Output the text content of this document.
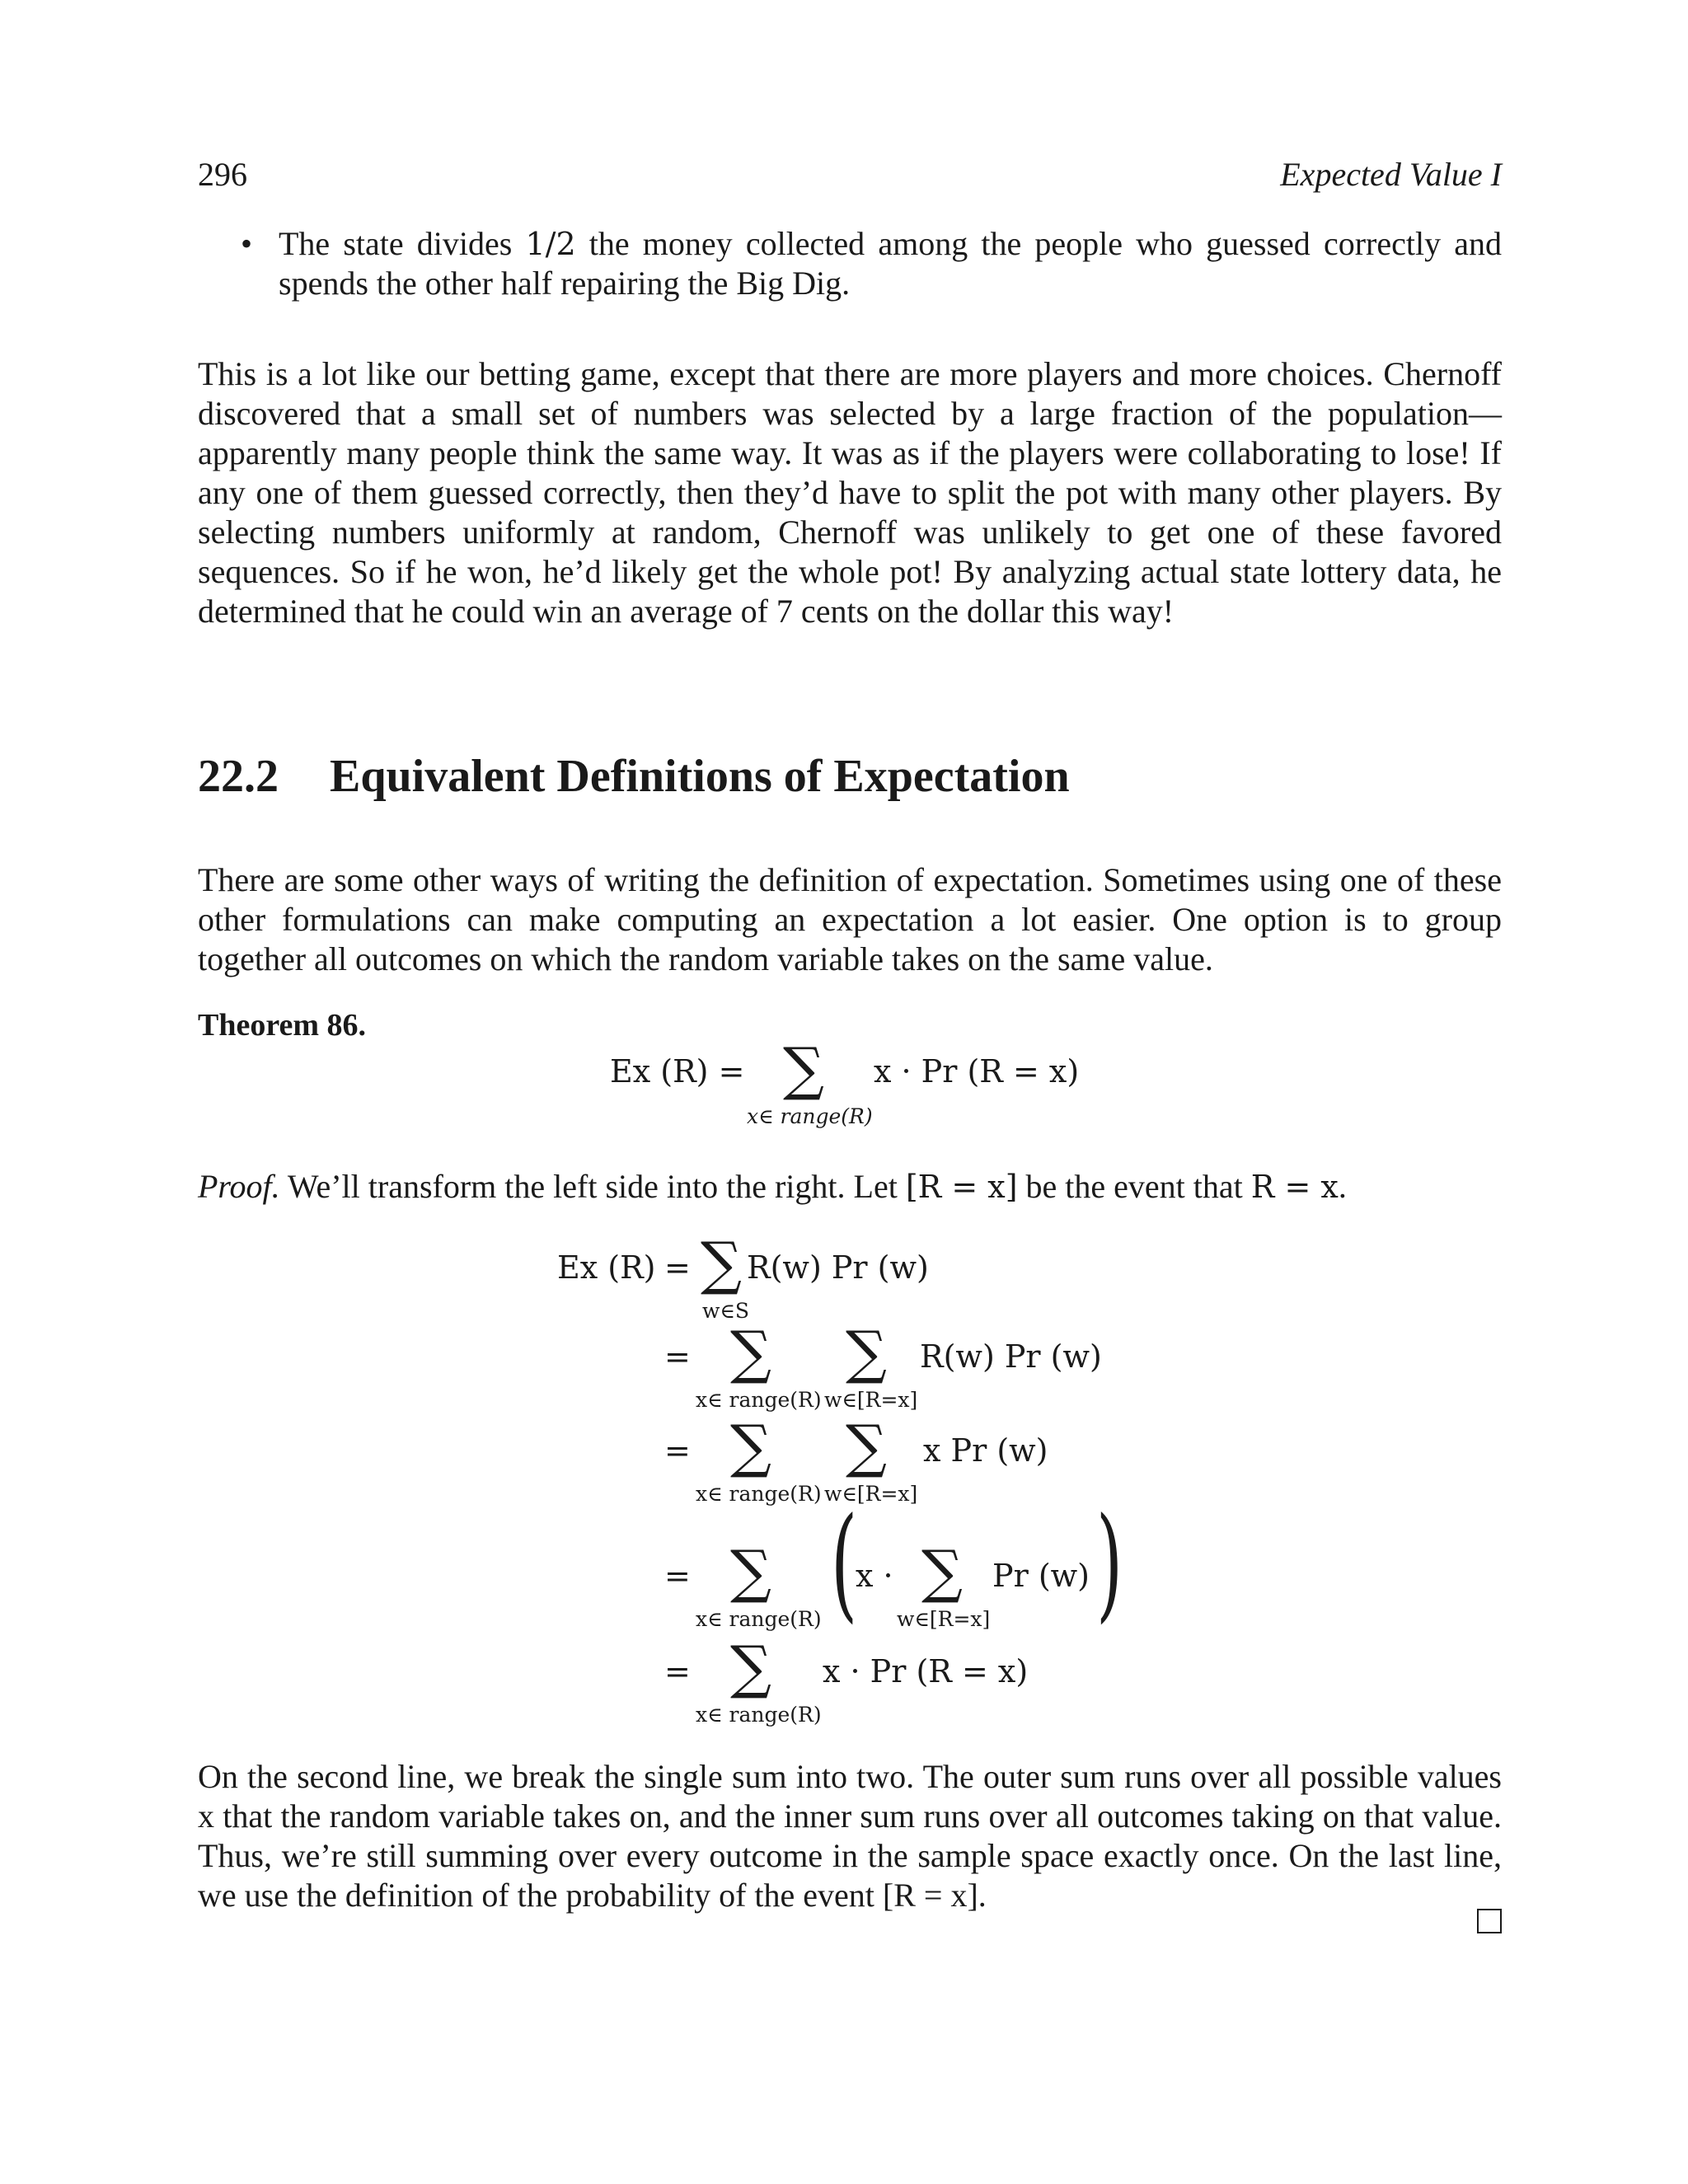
296	Expected Value I
• The state divides 1/2 the money collected among the people who guessed correctly and spends the other half repairing the Big Dig.

This is a lot like our betting game, except that there are more players and more choices. Chernoff discovered that a small set of numbers was selected by a large fraction of the population— apparently many people think the same way. It was as if the players were collaborating to lose! If any one of them guessed correctly, then they’d have to split the pot with many other players. By selecting numbers uniformly at random, Chernoff was unlikely to get one of these favored sequences. So if he won, he’d likely get the whole pot! By analyzing actual state lottery data, he determined that he could win an average of 7 cents on the dollar this way!

22.2 Equivalent Definitions of Expectation

There are some other ways of writing the definition of expectation. Sometimes using one of these other formulations can make computing an expectation a lot easier. One option is to group together all outcomes on which the random variable takes on the same value.

Theorem 86.
Ex (R) = ∑
x∈ range(R)
x · Pr (R = x)
Proof. We’ll transform the left side into the right. Let [R = x] be the event that R = x.
Ex (R) = ∑
w∈S
R(w) Pr (w)
= ∑
x∈ range(R)
∑
w∈[R=x]
R(w) Pr (w)
= ∑
x∈ range(R)
∑
w∈[R=x]
x Pr (w)
= ∑
x∈ range(R) (
x · ∑
w∈[R=x]
Pr (w) )
= ∑
x∈ range(R)
x · Pr (R = x)

On the second line, we break the single sum into two. The outer sum runs over all possible values x that the random variable takes on, and the inner sum runs over all outcomes taking on that value. Thus, we’re still summing over every outcome in the sample space exactly once. On the last line, we use the definition of the probability of the event [R = x].
